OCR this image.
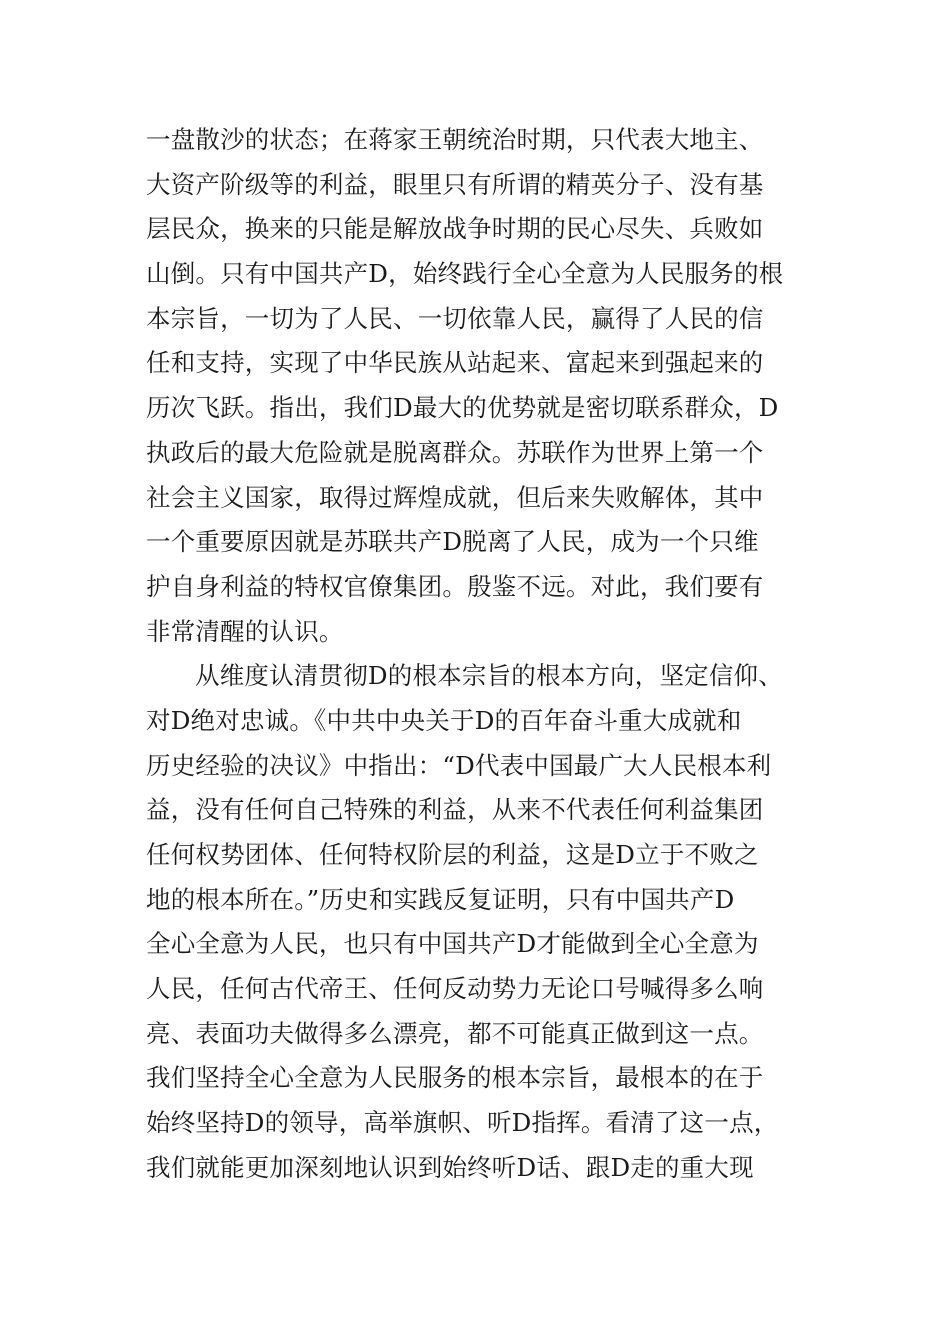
一盘散沙的状态；在蒋家王朝统治时期，只代表大地主、
大资产阶级等的利益，眼里只有所谓的精英分子、没有基
层民众，换来的只能是解放战争时期的民心尽失、兵败如
山倒。只有中国共产D，始终践行全心全意为人民服务的根
本宗旨，一切为了人民、一切依靠人民，赢得了人民的信
任和支持，实现了中华民族从站起来、富起来到强起来的
历次飞跃。指出，我们D最大的优势就是密切联系群众，D
执政后的最大危险就是脱离群众。苏联作为世界上第一个
社会主义国家，取得过辉煌成就，但后来失败解体，其中
一个重要原因就是苏联共产D脱离了人民，成为一个只维
护自身利益的特权官僚集团。殷鉴不远。对此，我们要有
非常清醒的认识。
从维度认清贯彻D的根本宗旨的根本方向，坚定信仰、
对D绝对忠诚。《中共中央关于D的百年奋斗重大成就和
历史经验的决议》中指出：“D代表中国最广大人民根本利
益，没有任何自己特殊的利益，从来不代表任何利益集团
任何权势团体、任何特权阶层的利益，这是D立于不败之
地的根本所在。”历史和实践反复证明，只有中国共产D
全心全意为人民，也只有中国共产D才能做到全心全意为
人民，任何古代帝王、任何反动势力无论口号喊得多么响
亮、表面功夫做得多么漂亮，都不可能真正做到这一点。
我们坚持全心全意为人民服务的根本宗旨，最根本的在于
始终坚持D的领导，高举旗帜、听D指挥。看清了这一点，
我们就能更加深刻地认识到始终听D话、跟D走的重大现
